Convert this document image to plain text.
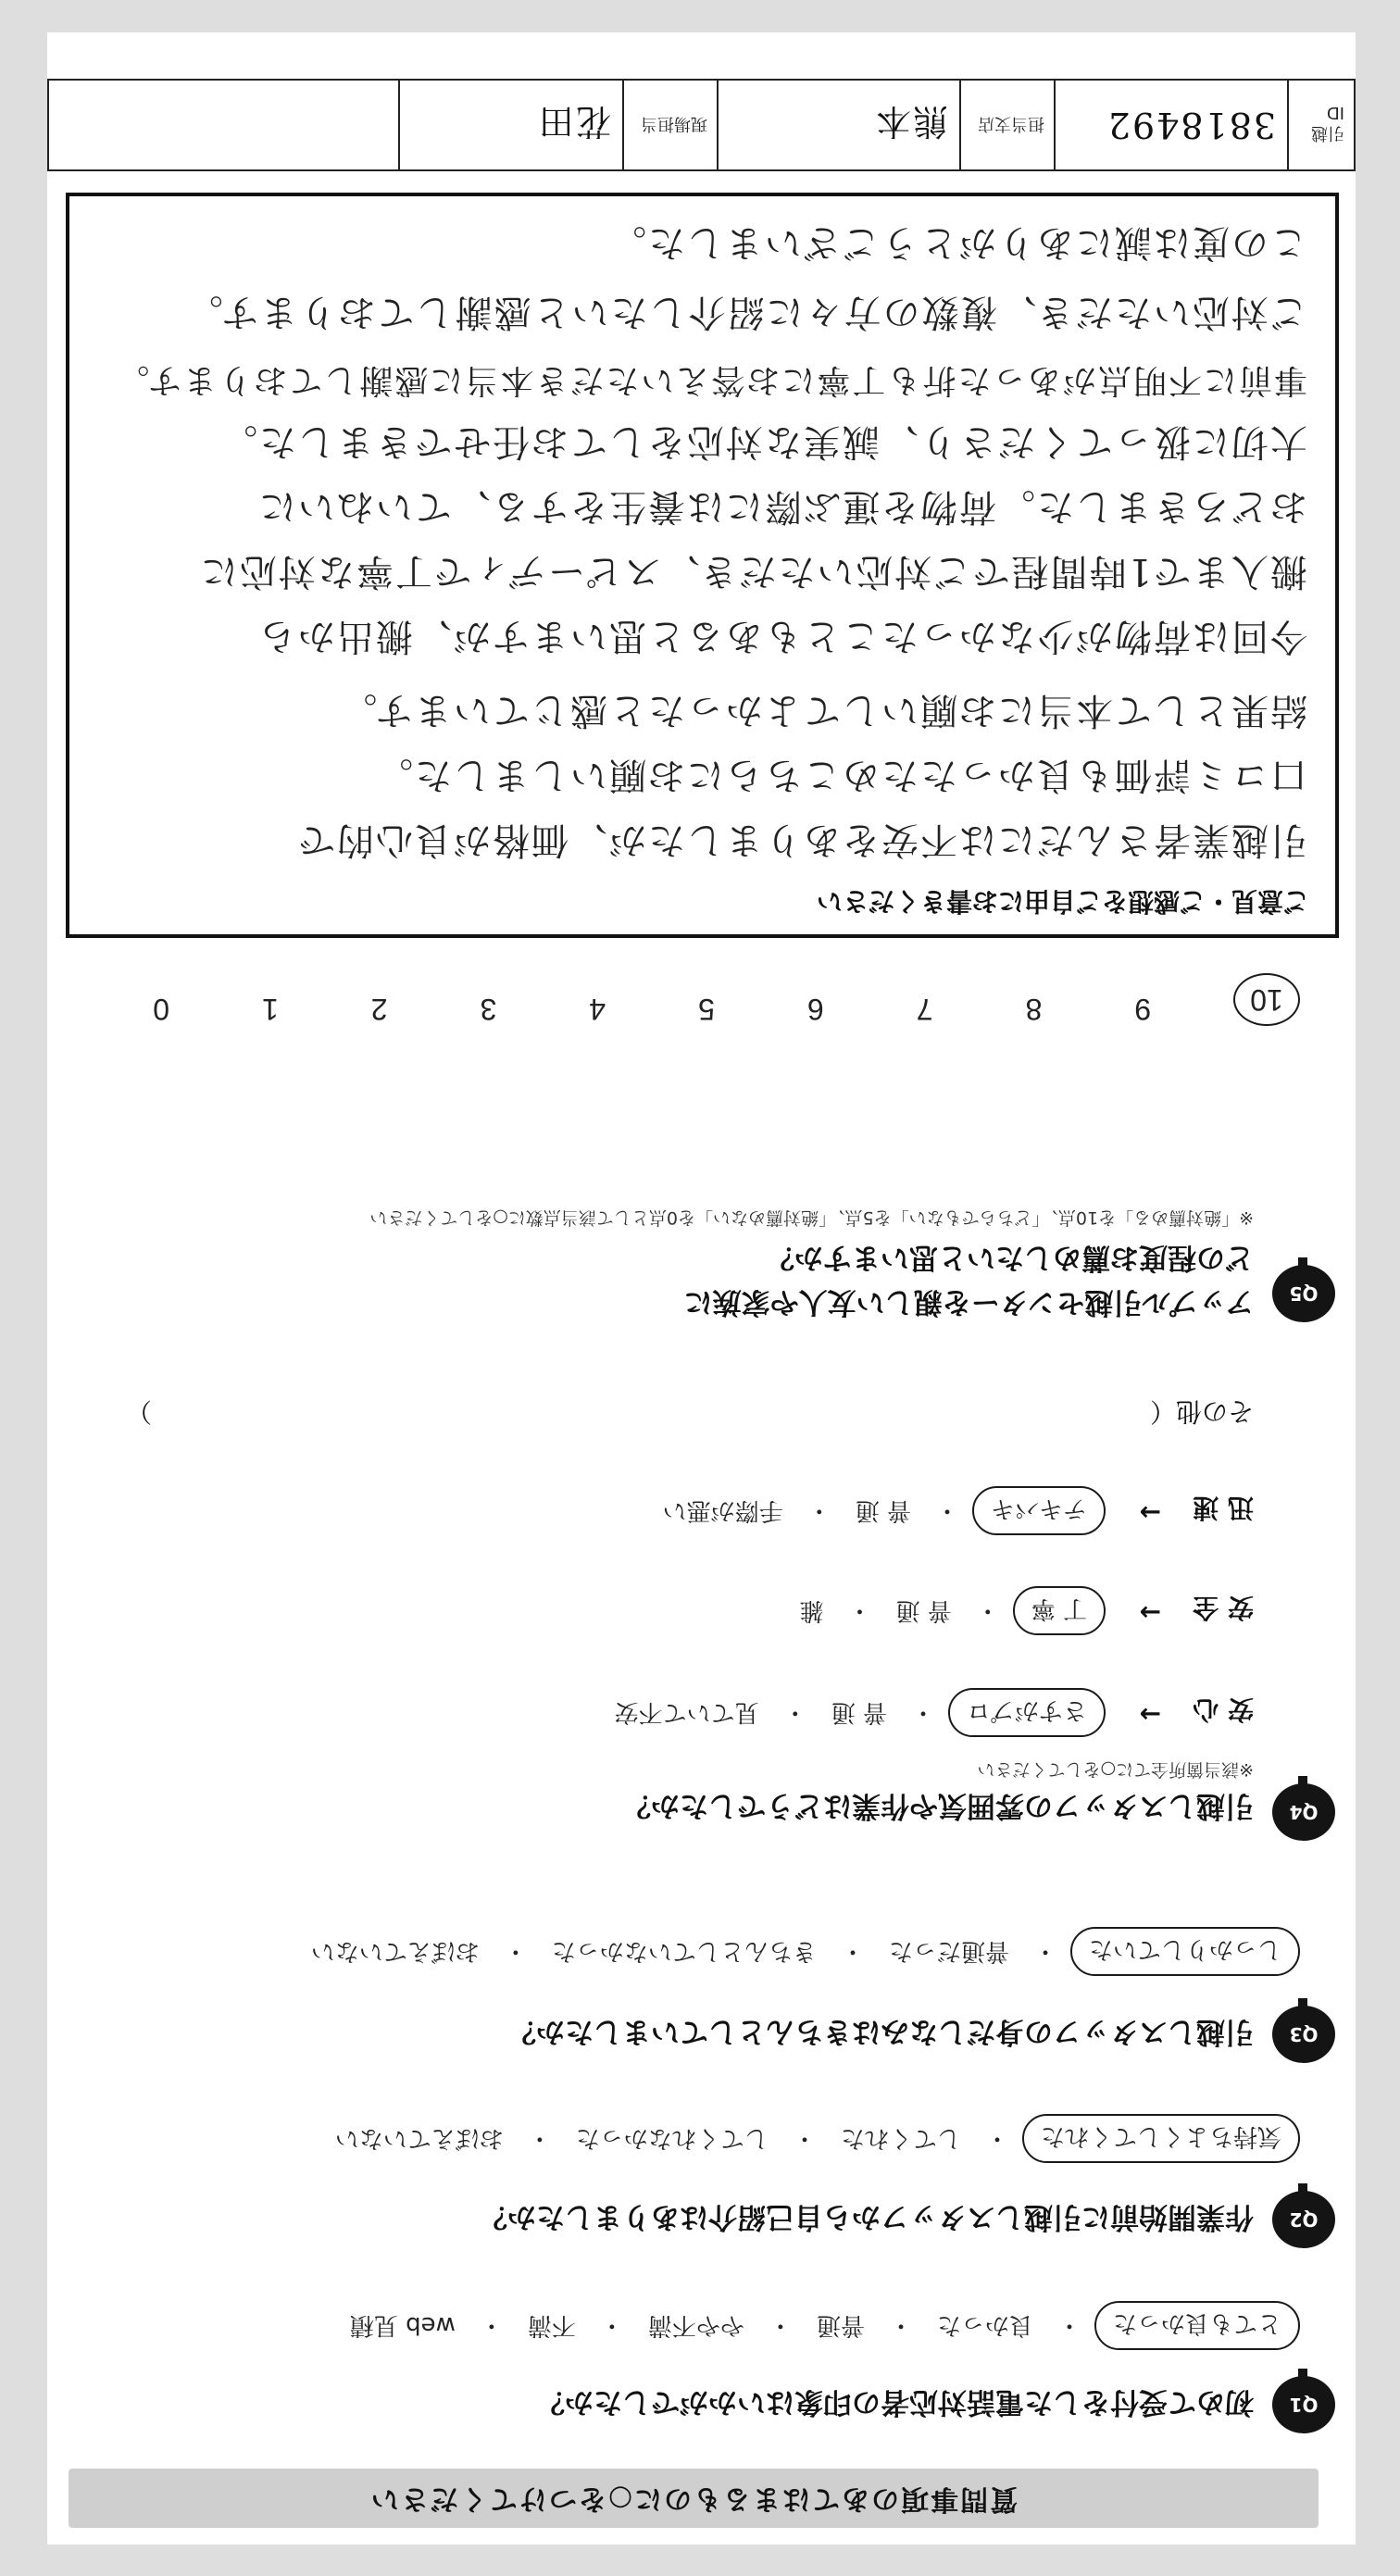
質問事項のあてはまるものに○をつけてください
Q1
初めて受付をした電話対応者の印象はいかがでしたか？
とても良かった
・
良かった
・
普通
・
やや不満
・
不満
・
web 見積
Q2
作業開始前に引越しスタッフから自己紹介はありましたか？
気持ちよくしてくれた
・
してくれた
・
してくれなかった
・
おぼえていない
Q3
引越しスタッフの身だしなみはきちんとしていましたか？
しっかりしていた
・
普通だった
・
きちんとしていなかった
・
おぼえていない
Q4
引越しスタッフの雰囲気や作業はどうでしたか？
※該当箇所全てに○をしてください
安 心
→
さすがプロ
・
普 通
・
見ていて不安
安 全
→
丁 寧
・
普 通
・
雑
迅 速
→
テキパキ
・
普 通
・
手際が悪い
その他（
）
Q5
アップル引越センターを親しい友人や家族に
どの程度お薦めしたいと思いますか？
※「絶対薦める」を10点、「どちらでもない」を5点、「絶対薦めない」を0点として該当点数に○をしてください
10
9
8
7
6
5
4
3
2
1
0
ご意見・ご感想をご自由にお書きください
引越業者さんだには不安をありましたが、価格が良心的で
口コミ評価も良かったためこちらにお願いしました。
結果として本当にお願いしてよかったと感じています。
今回は荷物が少なかったこともあると思いますが、搬出から
搬入まで1時間程でご対応いただき、スピーディで丁寧な対応に
おどろきました。荷物を運ぶ際には養生をする、ていねいに
大切に扱ってくださり、誠実な対応をしてお任せできました。
事前に不明点があった折も丁寧にお答えいただき本当に感謝しております。
ご対応いただき、複数の方々に紹介したいと感謝しております。
この度は誠にありがとうございました。
引越ID
3818492
担当支店
熊本
現場担当
花田
